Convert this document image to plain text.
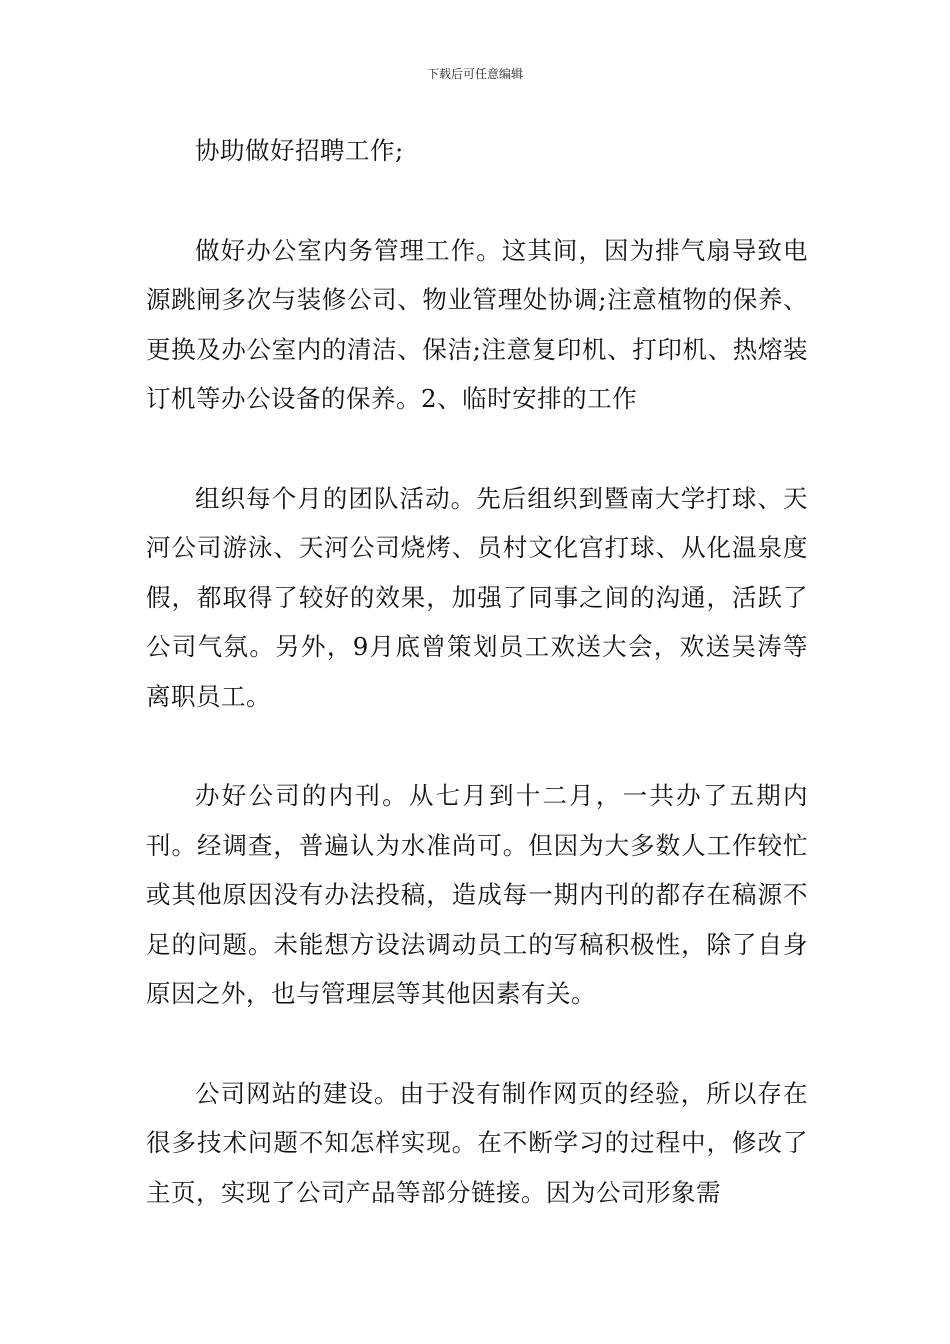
下载后可任意编辑

协助做好招聘工作;

做好办公室内务管理工作。这其间，因为排气扇导致电源跳闸多次与装修公司、物业管理处协调;注意植物的保养、更换及办公室内的清洁、保洁;注意复印机、打印机、热熔装订机等办公设备的保养。2、临时安排的工作

组织每个月的团队活动。先后组织到暨南大学打球、天河公司游泳、天河公司烧烤、员村文化宫打球、从化温泉度假，都取得了较好的效果，加强了同事之间的沟通，活跃了公司气氛。另外，9月底曾策划员工欢送大会，欢送吴涛等离职员工。

办好公司的内刊。从七月到十二月，一共办了五期内刊。经调查，普遍认为水准尚可。但因为大多数人工作较忙或其他原因没有办法投稿，造成每一期内刊的都存在稿源不足的问题。未能想方设法调动员工的写稿积极性，除了自身原因之外，也与管理层等其他因素有关。

公司网站的建设。由于没有制作网页的经验，所以存在很多技术问题不知怎样实现。在不断学习的过程中，修改了主页，实现了公司产品等部分链接。因为公司形象需
